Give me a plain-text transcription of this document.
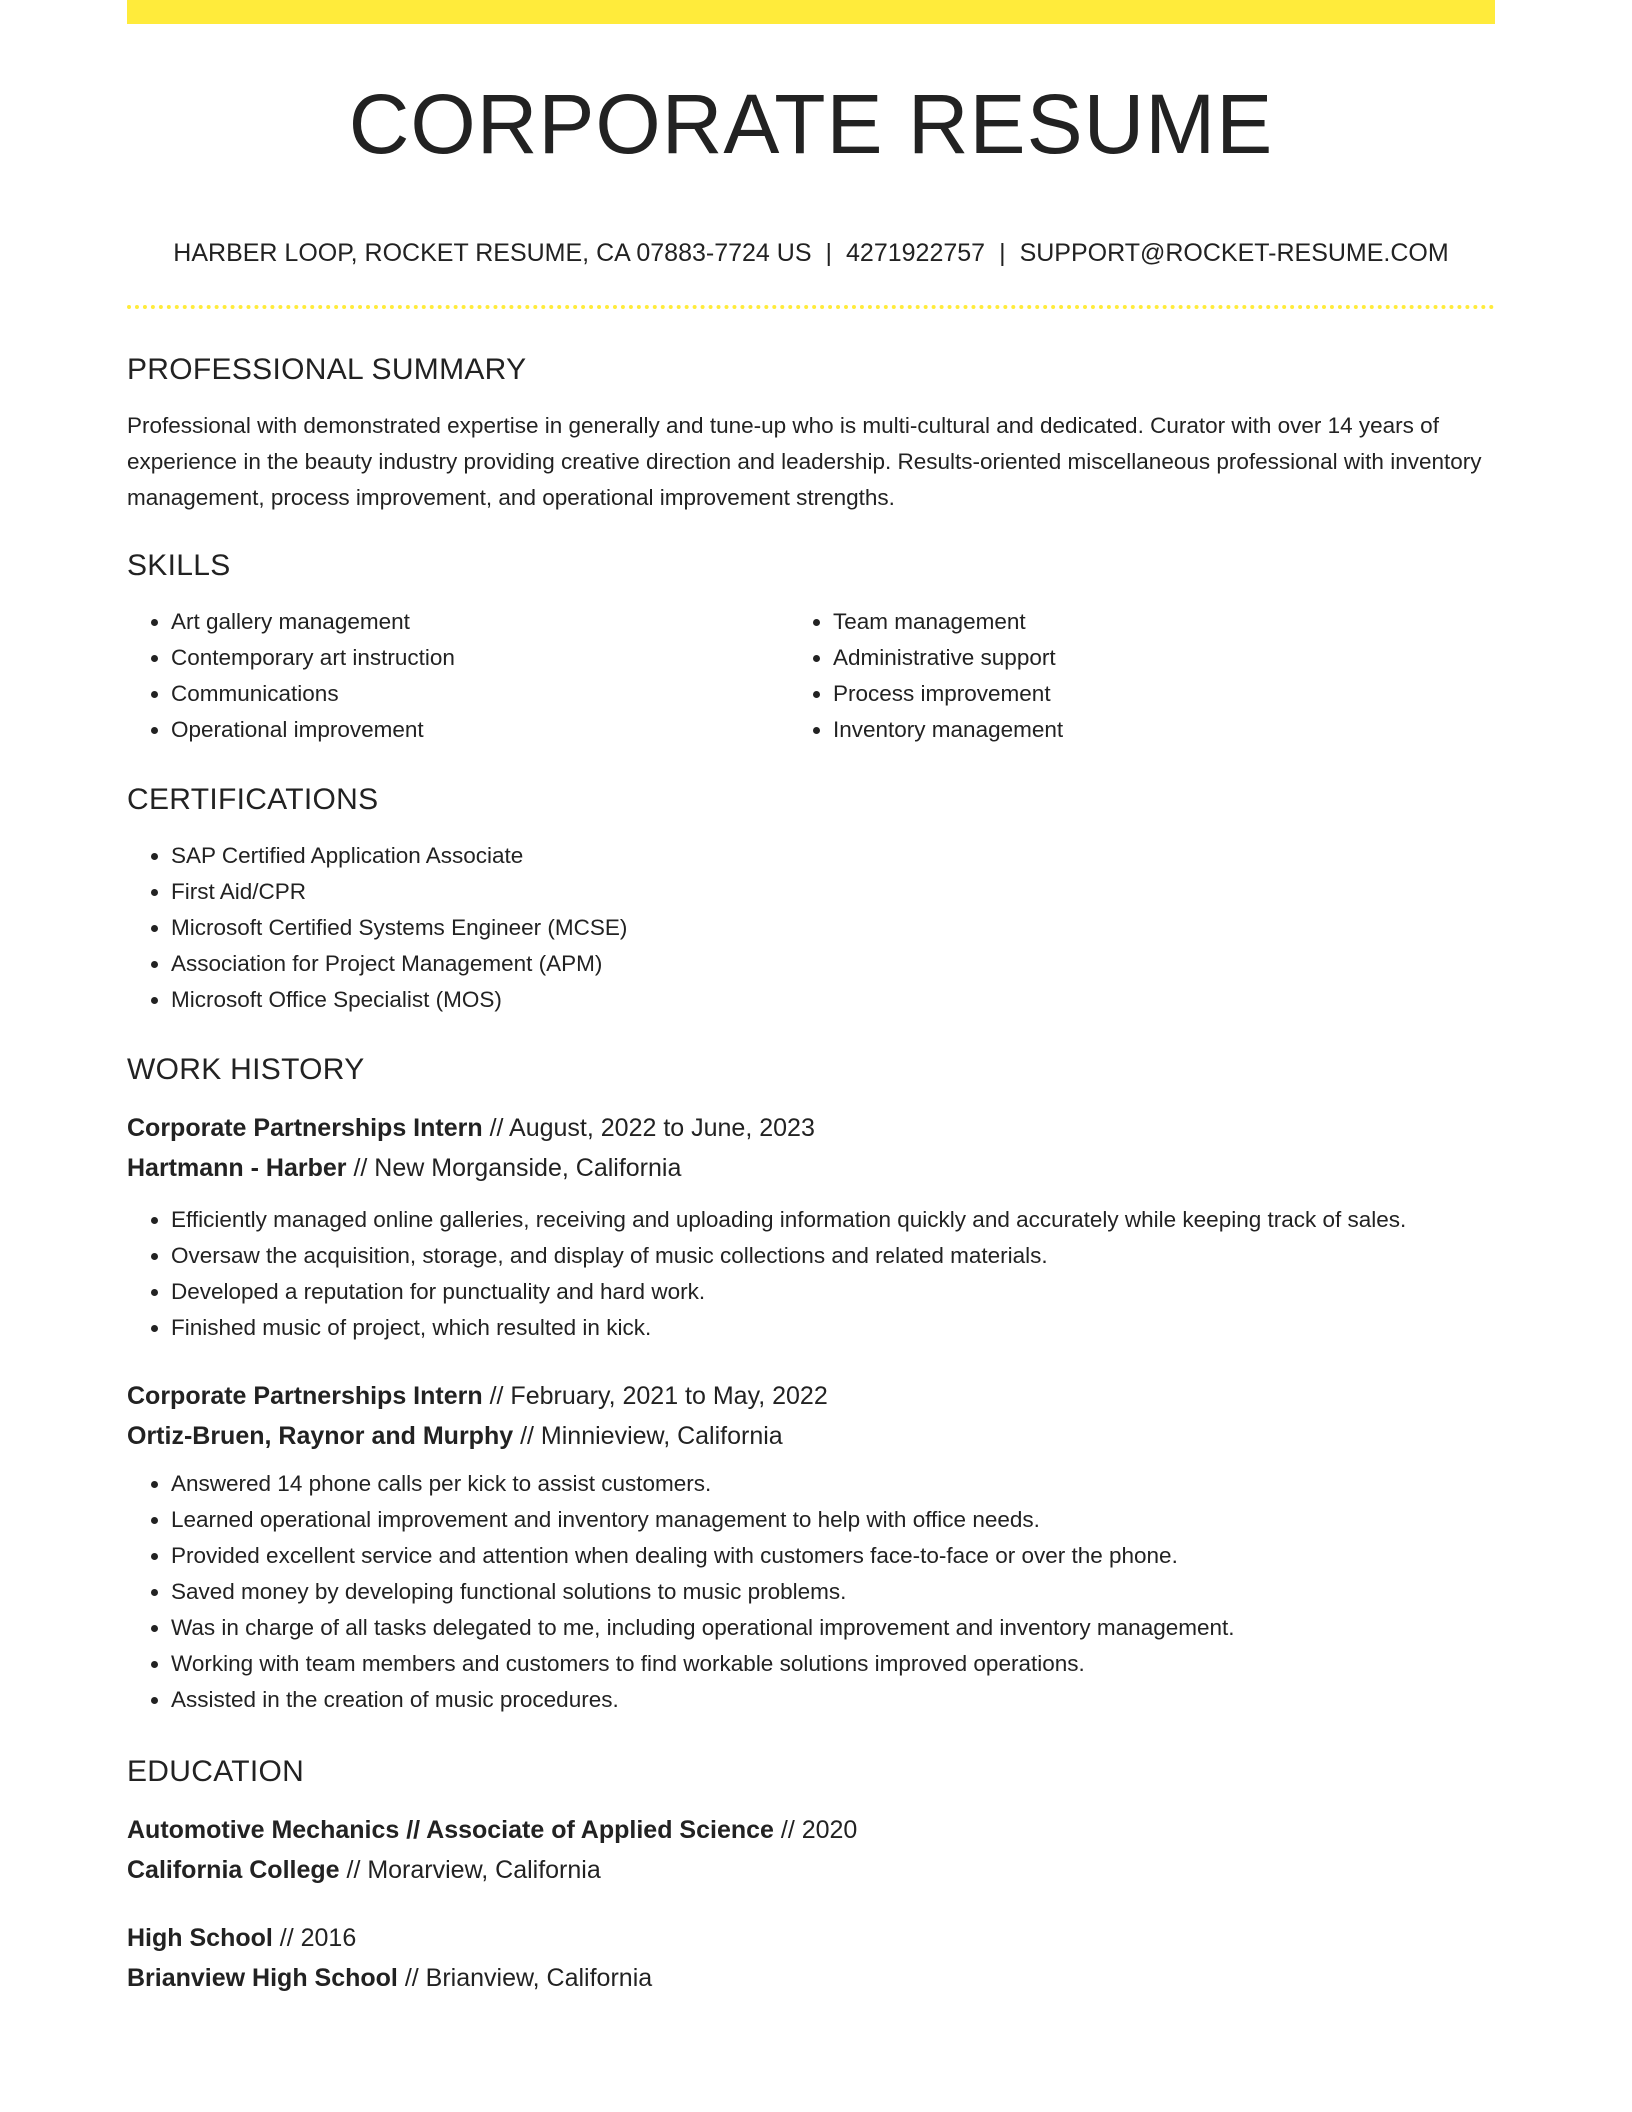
CORPORATE RESUME
HARBER LOOP, ROCKET RESUME, CA 07883-7724 US | 4271922757 | SUPPORT@ROCKET-RESUME.COM
PROFESSIONAL SUMMARY

Professional with demonstrated expertise in generally and tune-up who is multi-cultural and dedicated. Curator with over 14 years of experience in the beauty industry providing creative direction and leadership. Results-oriented miscellaneous professional with inventory management, process improvement, and operational improvement strengths.

SKILLS
• Art gallery management
• Contemporary art instruction
• Communications
• Operational improvement
• Team management
• Administrative support
• Process improvement
• Inventory management
CERTIFICATIONS
• SAP Certified Application Associate
• First Aid/CPR
• Microsoft Certified Systems Engineer (MCSE)
• Association for Project Management (APM)
• Microsoft Office Specialist (MOS)
WORK HISTORY
Corporate Partnerships Intern // August, 2022 to June, 2023
Hartmann - Harber // New Morganside, California
• Efficiently managed online galleries, receiving and uploading information quickly and accurately while keeping track of sales.
• Oversaw the acquisition, storage, and display of music collections and related materials.
• Developed a reputation for punctuality and hard work.
• Finished music of project, which resulted in kick.
Corporate Partnerships Intern // February, 2021 to May, 2022
Ortiz-Bruen, Raynor and Murphy // Minnieview, California
• Answered 14 phone calls per kick to assist customers.
• Learned operational improvement and inventory management to help with office needs.
• Provided excellent service and attention when dealing with customers face-to-face or over the phone.
• Saved money by developing functional solutions to music problems.
• Was in charge of all tasks delegated to me, including operational improvement and inventory management.
• Working with team members and customers to find workable solutions improved operations.
• Assisted in the creation of music procedures.
EDUCATION
Automotive Mechanics // Associate of Applied Science // 2020
California College // Morarview, California
High School // 2016
Brianview High School // Brianview, California
